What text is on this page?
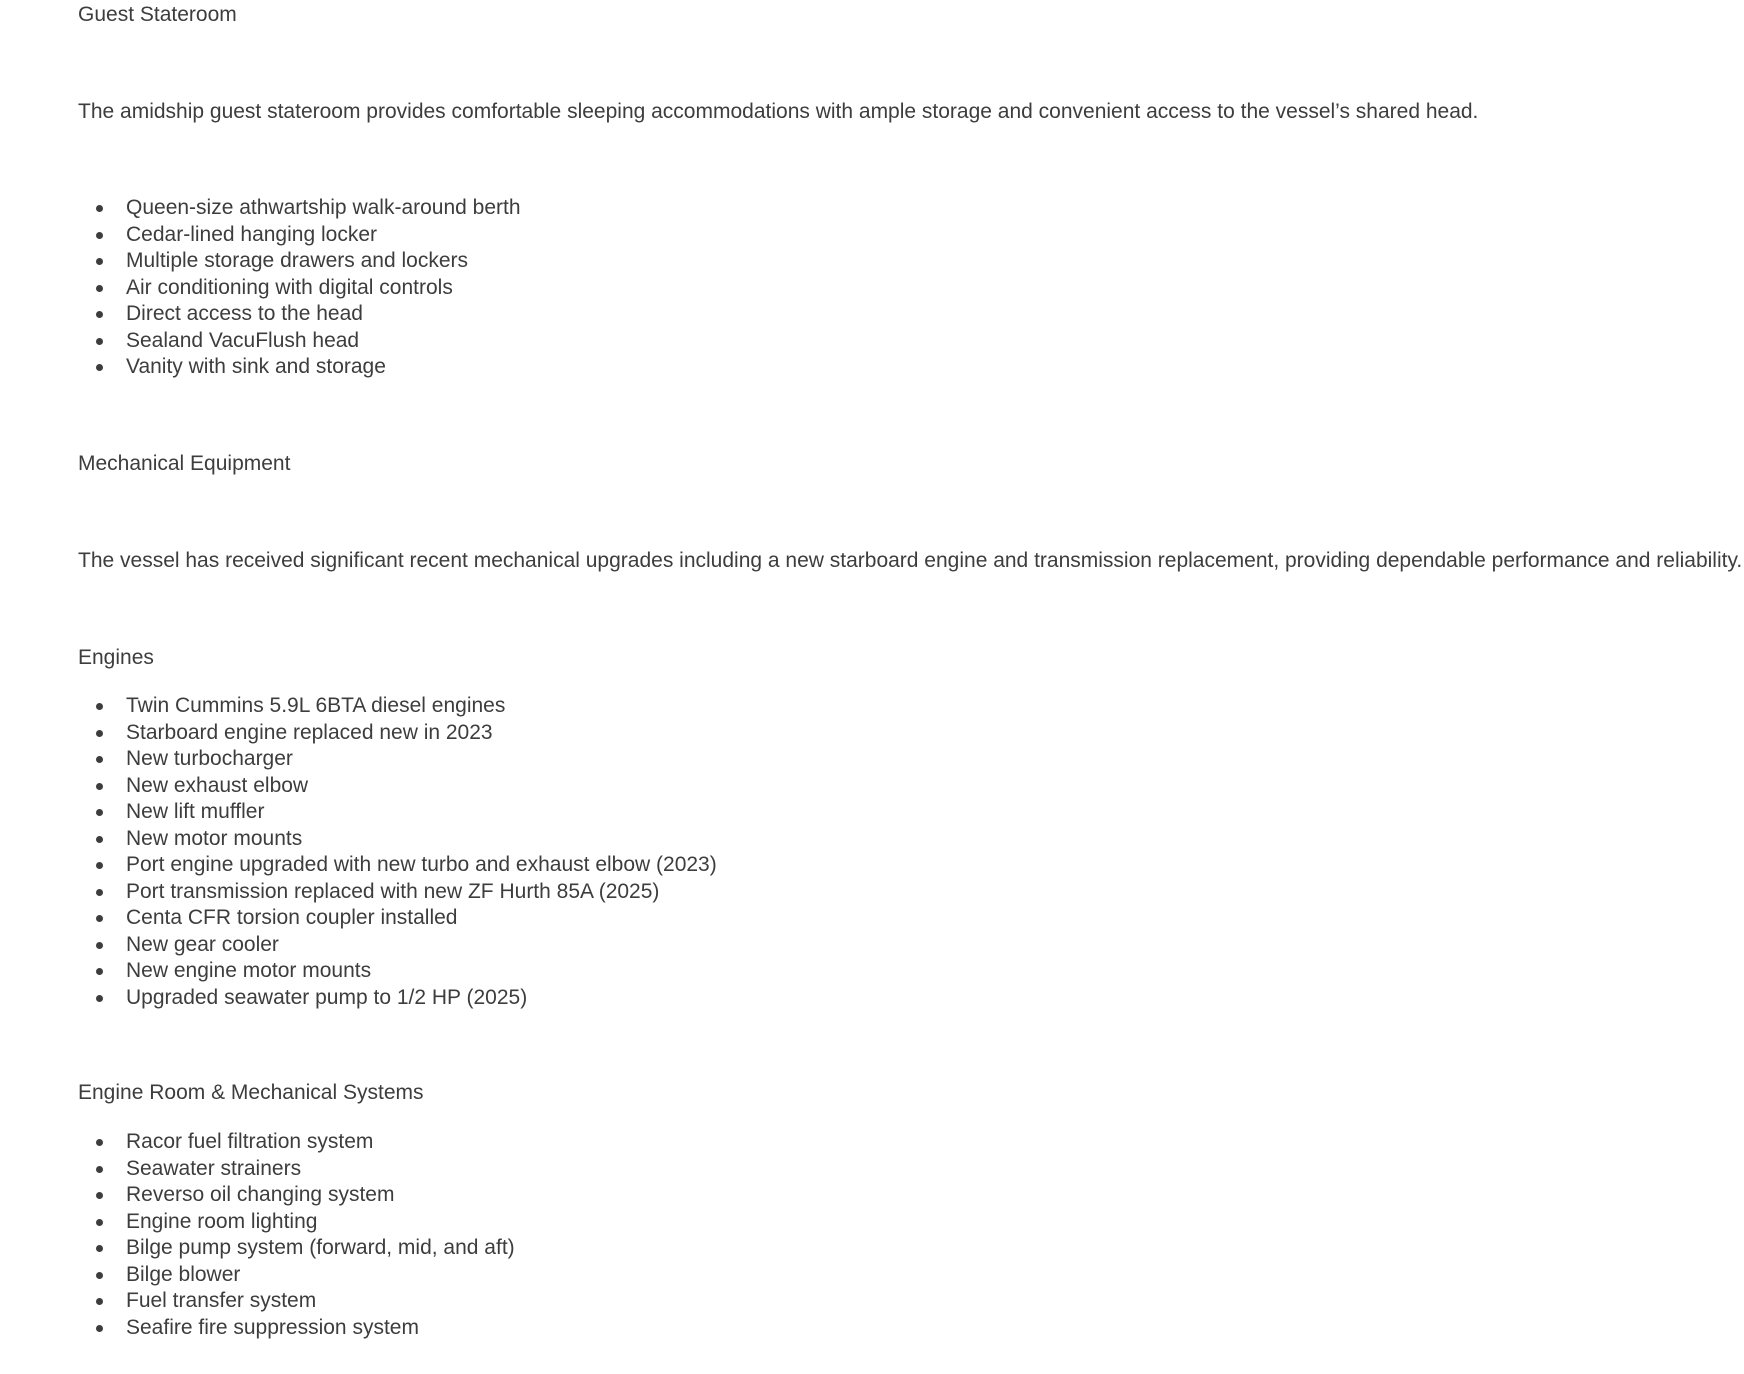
Guest Stateroom

The amidship guest stateroom provides comfortable sleeping accommodations with ample storage and convenient access to the vessel’s shared head.

Queen-size athwartship walk-around berth
Cedar-lined hanging locker
Multiple storage drawers and lockers
Air conditioning with digital controls
Direct access to the head
Sealand VacuFlush head
Vanity with sink and storage
Mechanical Equipment

The vessel has received significant recent mechanical upgrades including a new starboard engine and transmission replacement, providing dependable performance and reliability.

Engines
Twin Cummins 5.9L 6BTA diesel engines
Starboard engine replaced new in 2023
New turbocharger
New exhaust elbow
New lift muffler
New motor mounts
Port engine upgraded with new turbo and exhaust elbow (2023)
Port transmission replaced with new ZF Hurth 85A (2025)
Centa CFR torsion coupler installed
New gear cooler
New engine motor mounts
Upgraded seawater pump to 1/2 HP (2025)
Engine Room & Mechanical Systems
Racor fuel filtration system
Seawater strainers
Reverso oil changing system
Engine room lighting
Bilge pump system (forward, mid, and aft)
Bilge blower
Fuel transfer system
Seafire fire suppression system
